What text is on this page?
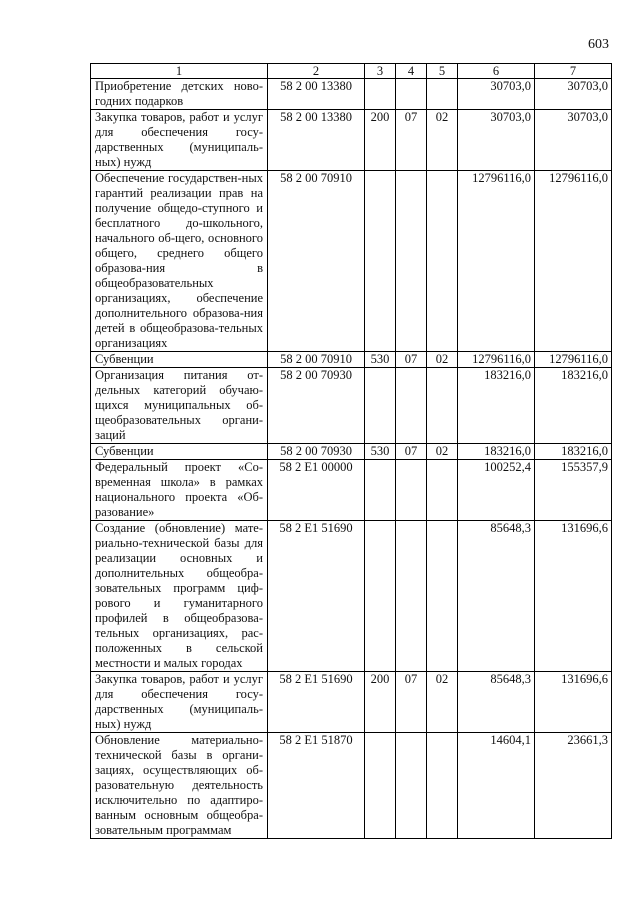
603
1	2	3	4	5	6	7
Приобретение детских ново-годних подарков	58 2 00 13380				30703,0	30703,0
Закупка товаров, работ и услуг для обеспечения госу-дарственных (муниципаль-ных) нужд	58 2 00 13380	200	07	02	30703,0	30703,0
Обеспечение государствен-ных гарантий реализации прав на получение общедо-ступного и бесплатного до-школьного, начального об-щего, основного общего, среднего общего образова-ния в общеобразовательных организациях, обеспечение дополнительного образова-ния детей в общеобразова-тельных организациях	58 2 00 70910				12796116,0	12796116,0
Субвенции	58 2 00 70910	530	07	02	12796116,0	12796116,0
Организация питания от-дельных категорий обучаю-щихся муниципальных об-щеобразовательных органи-заций	58 2 00 70930				183216,0	183216,0
Субвенции	58 2 00 70930	530	07	02	183216,0	183216,0
Федеральный проект «Со-временная школа» в рамках национального проекта «Об-разование»	58 2 E1 00000				100252,4	155357,9
Создание (обновление) мате-риально-технической базы для реализации основных и дополнительных общеобра-зовательных программ циф-рового и гуманитарного профилей в общеобразова-тельных организациях, рас-положенных в сельской местности и малых городах	58 2 E1 51690				85648,3	131696,6
Закупка товаров, работ и услуг для обеспечения госу-дарственных (муниципаль-ных) нужд	58 2 E1 51690	200	07	02	85648,3	131696,6
Обновление материально-технической базы в органи-зациях, осуществляющих об-разовательную деятельность исключительно по адаптиро-ванным основным общеобра-зовательным программам	58 2 E1 51870				14604,1	23661,3
